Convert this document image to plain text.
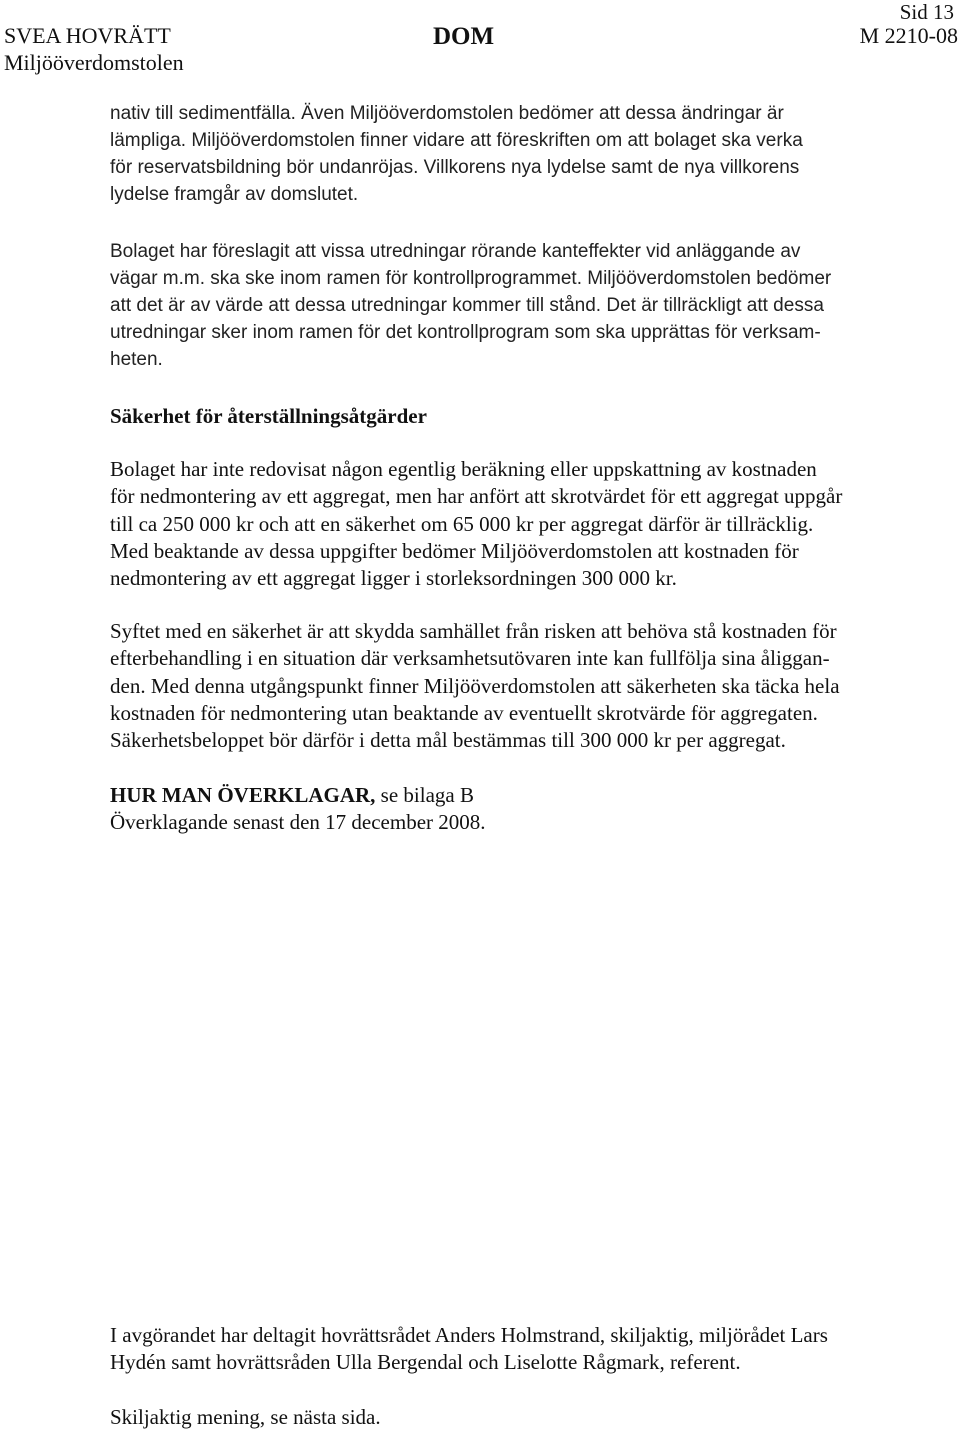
Sid 13
SVEA HOVRÄTT
Miljööverdomstolen
DOM	M 2210-08

nativ till sedimentfälla. Även Miljööverdomstolen bedömer att dessa ändringar är
lämpliga. Miljööverdomstolen finner vidare att föreskriften om att bolaget ska verka
för reservatsbildning bör undanröjas. Villkorens nya lydelse samt de nya villkorens
lydelse framgår av domslutet.

Bolaget har föreslagit att vissa utredningar rörande kanteffekter vid anläggande av
vägar m.m. ska ske inom ramen för kontrollprogrammet. Miljööverdomstolen bedömer
att det är av värde att dessa utredningar kommer till stånd. Det är tillräckligt att dessa
utredningar sker inom ramen för det kontrollprogram som ska upprättas för verksam-
heten.

Säkerhet för återställningsåtgärder

Bolaget har inte redovisat någon egentlig beräkning eller uppskattning av kostnaden
för nedmontering av ett aggregat, men har anfört att skrotvärdet för ett aggregat uppgår
till ca 250 000 kr och att en säkerhet om 65 000 kr per aggregat därför är tillräcklig.
Med beaktande av dessa uppgifter bedömer Miljööverdomstolen att kostnaden för
nedmontering av ett aggregat ligger i storleksordningen 300 000 kr.

Syftet med en säkerhet är att skydda samhället från risken att behöva stå kostnaden för
efterbehandling i en situation där verksamhetsutövaren inte kan fullfölja sina åliggan-
den. Med denna utgångspunkt finner Miljööverdomstolen att säkerheten ska täcka hela
kostnaden för nedmontering utan beaktande av eventuellt skrotvärde för aggregaten.
Säkerhetsbeloppet bör därför i detta mål bestämmas till 300 000 kr per aggregat.

HUR MAN ÖVERKLAGAR, se bilaga B
Överklagande senast den 17 december 2008.

I avgörandet har deltagit hovrättsrådet Anders Holmstrand, skiljaktig, miljörådet Lars
Hydén samt hovrättsråden Ulla Bergendal och Liselotte Rågmark, referent.

Skiljaktig mening, se nästa sida.
